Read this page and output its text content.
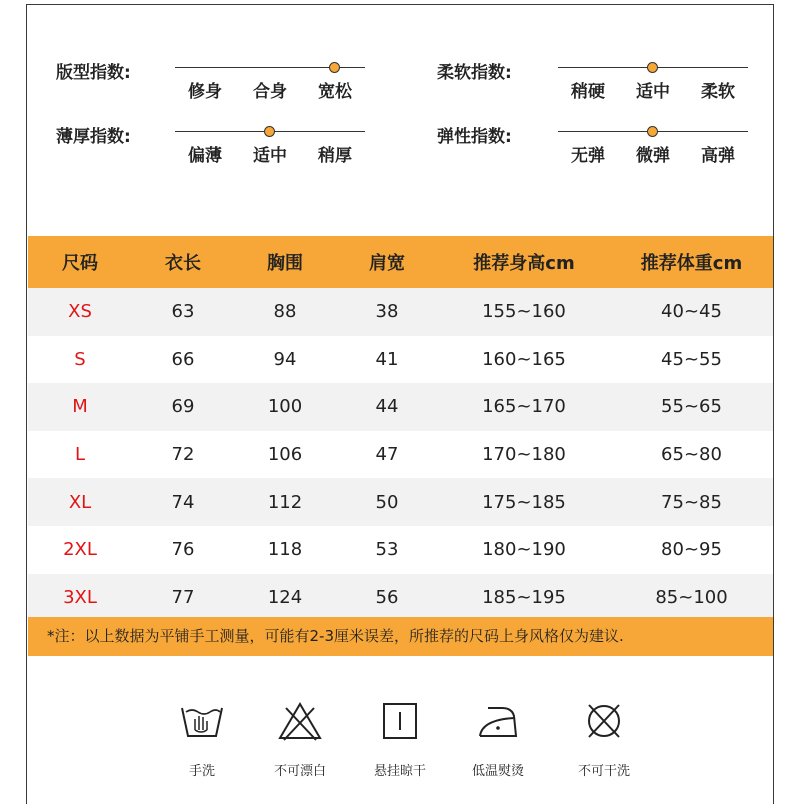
版型指数:
修身 合身 宽松
柔软指数:
稍硬 适中 柔软
薄厚指数:
偏薄 适中 稍厚
弹性指数:
无弹 微弹 高弹
尺码	衣长	胸围	肩宽	推荐身高cm	推荐体重cm
XS	63	88	38	155~160	40~45
S	66	94	41	160~165	45~55
M	69	100	44	165~170	55~65
L	72	106	47	170~180	65~80
XL	74	112	50	175~185	75~85
2XL	76	118	53	180~190	80~95
3XL	77	124	56	185~195	85~100
*注：以上数据为平铺手工测量，可能有2-3厘米误差，所推荐的尺码上身风格仅为建议.
手洗	不可漂白	悬挂晾干	低温熨烫	不可干洗
